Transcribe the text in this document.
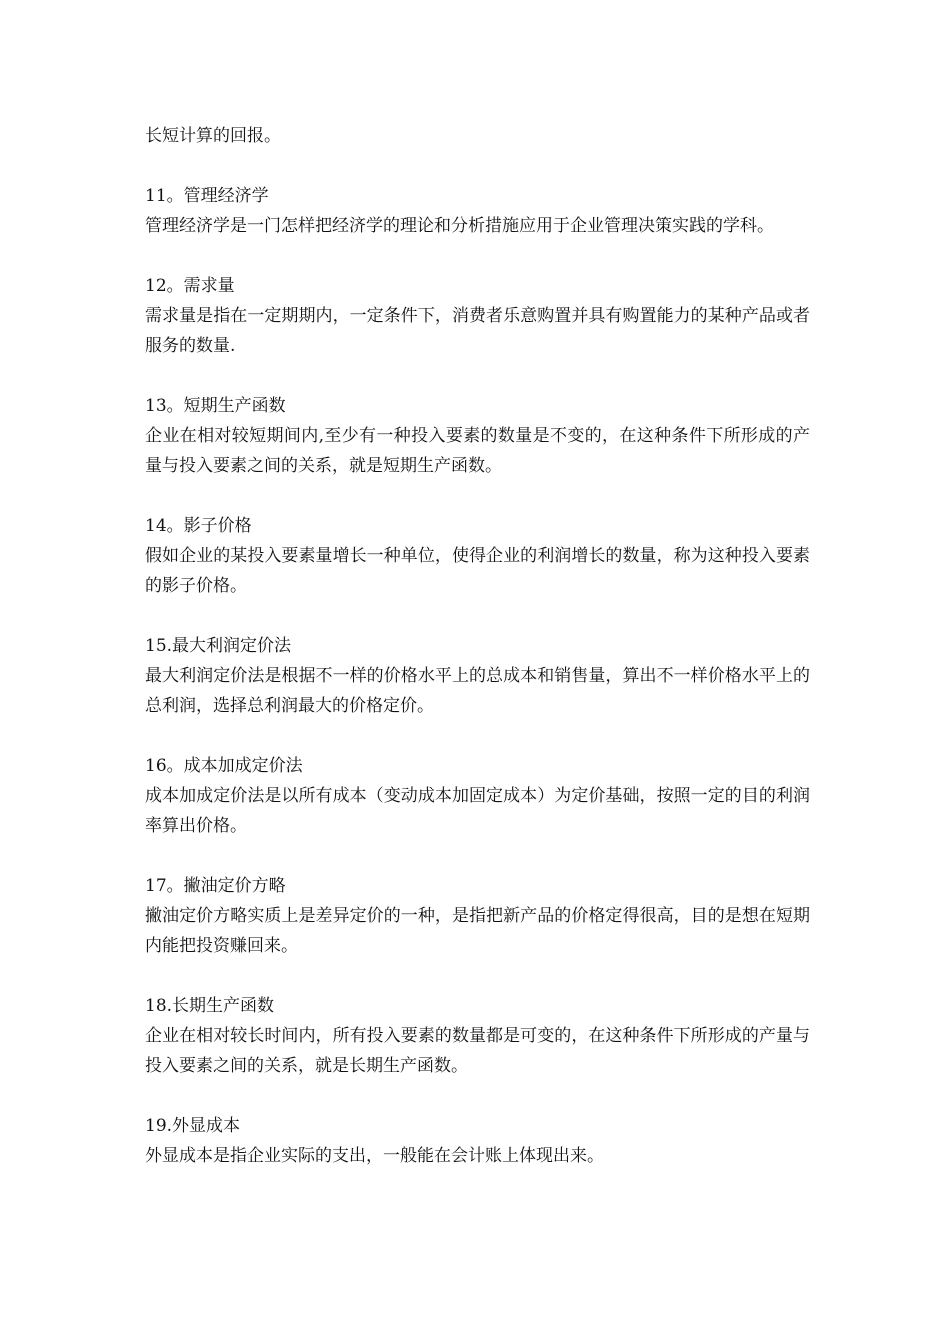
长短计算的回报。

11。管理经济学

管理经济学是一门怎样把经济学的理论和分析措施应用于企业管理决策实践的学科。

12。需求量

需求量是指在一定期期内，一定条件下，消费者乐意购置并具有购置能力的某种产品或者服务的数量.

13。短期生产函数

企业在相对较短期间内,至少有一种投入要素的数量是不变的，在这种条件下所形成的产量与投入要素之间的关系，就是短期生产函数。

14。影子价格

假如企业的某投入要素量增长一种单位，使得企业的利润增长的数量，称为这种投入要素的影子价格。

15.最大利润定价法

最大利润定价法是根据不一样的价格水平上的总成本和销售量，算出不一样价格水平上的总利润，选择总利润最大的价格定价。

16。成本加成定价法

成本加成定价法是以所有成本（变动成本加固定成本）为定价基础，按照一定的目的利润率算出价格。

17。撇油定价方略

撇油定价方略实质上是差异定价的一种，是指把新产品的价格定得很高，目的是想在短期内能把投资赚回来。

18.长期生产函数

企业在相对较长时间内，所有投入要素的数量都是可变的，在这种条件下所形成的产量与投入要素之间的关系，就是长期生产函数。

19.外显成本

外显成本是指企业实际的支出，一般能在会计账上体现出来。
